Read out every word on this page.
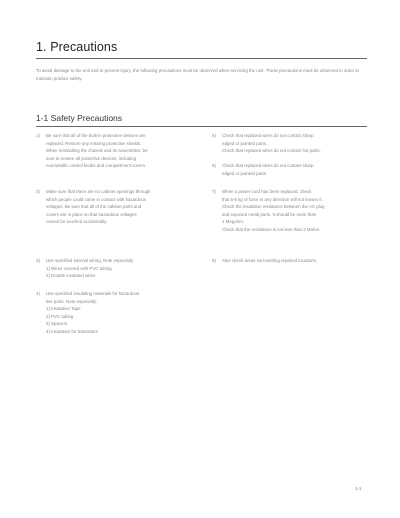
1. Precautions
To avoid damage to the unit and to prevent injury, the following precautions must be observed when servicing the unit. These precautions must be observed in order to maintain product safety.
1-1 Safety Precautions
1)	Be sure that all of the built-in protective devices are
replaced. Restore any missing protective shields.
When reinstalling the chassis and its assemblies, be
sure to restore all protective devices, including
nonmetallic control knobs and compartment covers.
2)	Make sure that there are no cabinet openings through
which people could come in contact with hazardous
voltages. Be sure that all of the cabinet parts and
covers are in place so that hazardous voltages
cannot be touched accidentally.
3)	Use specified internal wiring. Note especially:
1) Wires covered with PVC tubing
2) Double insulated wires
4)	Use specified insulating materials for hazardous
live parts. Note especially:
1) Insulation Tape
2) PVC tubing
3) Spacers
4) Insulators for transistors
5)	Check that replaced wires do not contact sharp
edged or pointed parts.
Check that replaced wires do not contact hot parts.
6)	Check that replaced wires do not contact sharp
edged or pointed parts.
7)	When a power cord has been replaced, check
that 5-6 kg of force in any direction will not loosen it.
Check the insulation resistance between the AC plug
and exposed metal parts. It should be more than
1 Megohm.
Check that the resistance is not less than 2 Mohm.
8)	Also check areas surrounding repaired locations.
1-1
